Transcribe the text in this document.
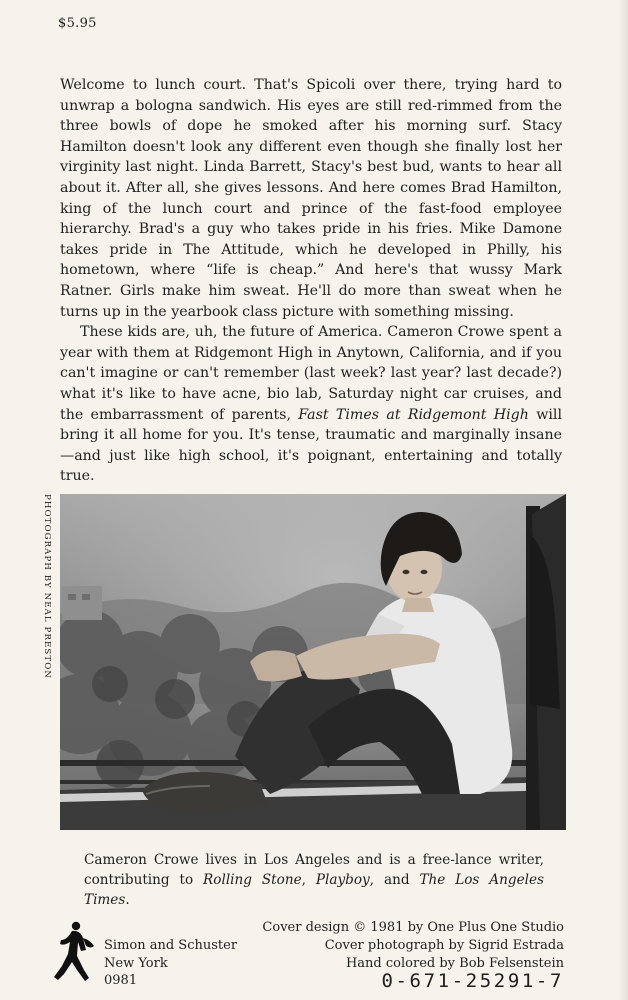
$5.95

Welcome to lunch court. That's Spicoli over there, trying hard to unwrap a bologna sandwich. His eyes are still red-rimmed from the three bowls of dope he smoked after his morning surf. Stacy Hamilton doesn't look any different even though she finally lost her virginity last night. Linda Barrett, Stacy's best bud, wants to hear all about it. After all, she gives lessons. And here comes Brad Hamilton, king of the lunch court and prince of the fast-food employee hierarchy. Brad's a guy who takes pride in his fries. Mike Damone takes pride in The Attitude, which he developed in Philly, his hometown, where “life is cheap.” And here's that wussy Mark Ratner. Girls make him sweat. He'll do more than sweat when he turns up in the yearbook class picture with something missing.

These kids are, uh, the future of America. Cameron Crowe spent a year with them at Ridgemont High in Anytown, California, and if you can't imagine or can't remember (last week? last year? last decade?) what it's like to have acne, bio lab, Saturday night car cruises, and the embarrassment of parents, Fast Times at Ridgemont High will bring it all home for you. It's tense, traumatic and marginally insane—and just like high school, it's poignant, entertaining and totally true.

PHOTOGRAPH BY NEAL PRESTON
Cameron Crowe lives in Los Angeles and is a free-lance writer, contributing to Rolling Stone, Playboy, and The Los Angeles Times.
Simon and Schuster
New York
0981
Cover design © 1981 by One Plus One Studio
Cover photograph by Sigrid Estrada
Hand colored by Bob Felsenstein
0-671-25291-7
